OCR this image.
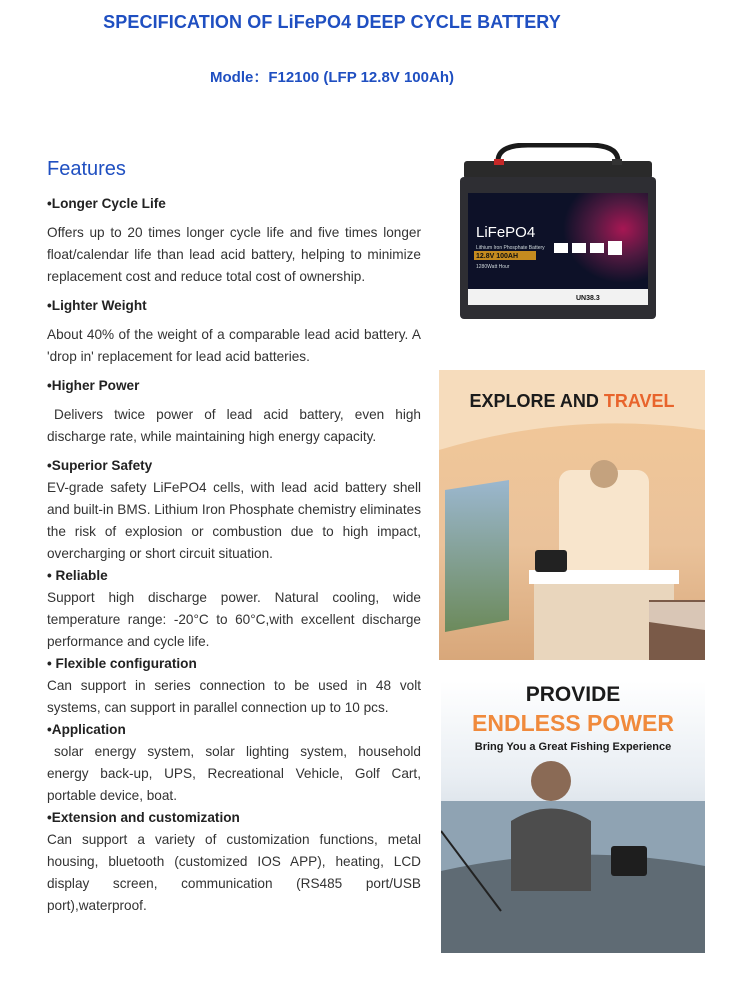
SPECIFICATION OF LiFePO4 DEEP CYCLE BATTERY
Modle：F12100 (LFP 12.8V 100Ah)
Features

•Longer Cycle Life

Offers up to 20 times longer cycle life and five times longer float/calendar life than lead acid battery, helping to minimize replacement cost and reduce total cost of ownership.

•Lighter Weight

About 40% of the weight of a comparable lead acid battery. A 'drop in' replacement for lead acid batteries.

•Higher Power

Delivers twice power of lead acid battery, even high discharge rate, while maintaining high energy capacity.

•Superior Safety

EV-grade safety LiFePO4 cells, with lead acid battery shell and built-in BMS. Lithium Iron Phosphate chemistry eliminates the risk of explosion or combustion due to high impact, overcharging or short circuit situation.

• Reliable

Support high discharge power. Natural cooling, wide temperature range: -20°C to 60°C,with excellent discharge performance and cycle life.

• Flexible configuration

Can support in series connection to be used in 48 volt systems, can support in parallel connection up to 10 pcs.

•Application

solar energy system, solar lighting system, household energy back-up, UPS, Recreational Vehicle, Golf Cart, portable device, boat.

•Extension and customization

Can support a variety of customization functions, metal housing, bluetooth (customized IOS APP), heating, LCD display screen, communication (RS485 port/USB port),waterproof.

LiFePO4
Lithium Iron Phosphate Battery
12.8V 100AH
1280Watt Hour
UN38.3
EXPLORE AND TRAVEL
PROVIDE
ENDLESS POWER
Bring You a Great Fishing Experience
